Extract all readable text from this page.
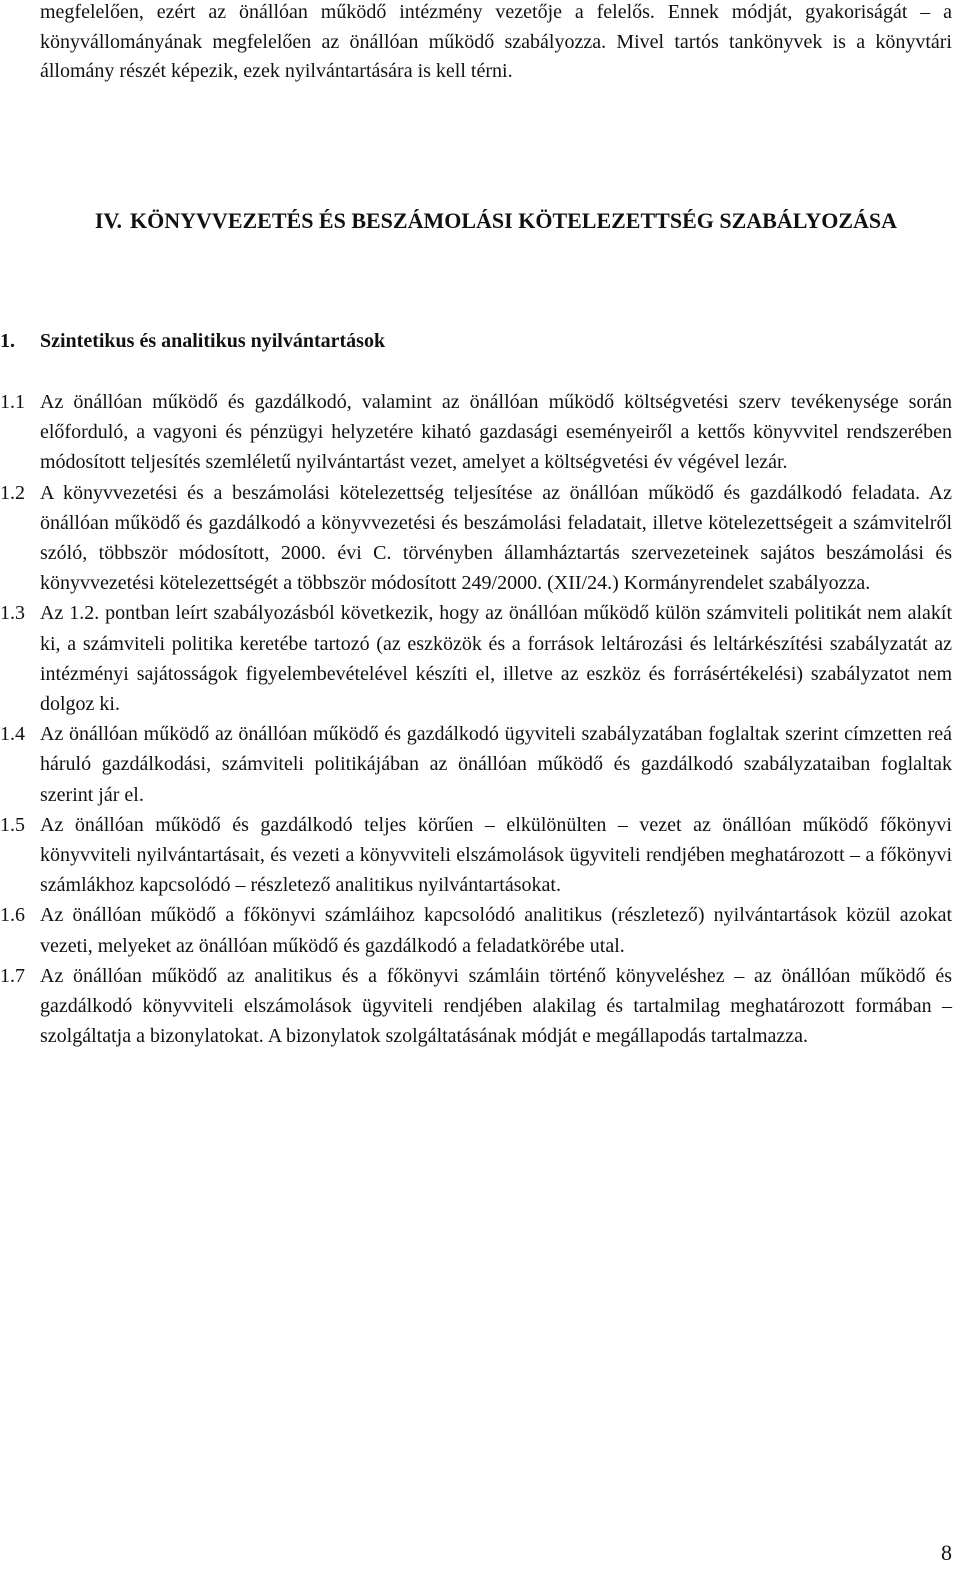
megfelelően, ezért az önállóan működő intézmény vezetője a felelős. Ennek módját, gyakoriságát – a könyvállományának megfelelően az önállóan működő szabályozza. Mivel tartós tankönyvek is a könyvtári állomány részét képezik, ezek nyilvántartására is kell térni.

IV. KÖNYVVEZETÉS ÉS BESZÁMOLÁSI KÖTELEZETTSÉG SZABÁLYOZÁSA
1. Szintetikus és analitikus nyilvántartások
1.1 Az önállóan működő és gazdálkodó, valamint az önállóan működő költségvetési szerv tevékenysége során előforduló, a vagyoni és pénzügyi helyzetére kiható gazdasági eseményeiről a kettős könyvvitel rendszerében módosított teljesítés szemléletű nyilvántartást vezet, amelyet a költségvetési év végével lezár.
1.2 A könyvvezetési és a beszámolási kötelezettség teljesítése az önállóan működő és gazdálkodó feladata. Az önállóan működő és gazdálkodó a könyvvezetési és beszámolási feladatait, illetve kötelezettségeit a számvitelről szóló, többször módosított, 2000. évi C. törvényben államháztartás szervezeteinek sajátos beszámolási és könyvvezetési kötelezettségét a többször módosított 249/2000. (XII/24.) Kormányrendelet szabályozza.
1.3 Az 1.2. pontban leírt szabályozásból következik, hogy az önállóan működő külön számviteli politikát nem alakít ki, a számviteli politika keretébe tartozó (az eszközök és a források leltározási és leltárkészítési szabályzatát az intézményi sajátosságok figyelembevételével készíti el, illetve az eszköz és forrásértékelési) szabályzatot nem dolgoz ki.
1.4 Az önállóan működő az önállóan működő és gazdálkodó ügyviteli szabályzatában foglaltak szerint címzetten reá háruló gazdálkodási, számviteli politikájában az önállóan működő és gazdálkodó szabályzataiban foglaltak szerint jár el.
1.5 Az önállóan működő és gazdálkodó teljes körűen – elkülönülten – vezet az önállóan működő főkönyvi könyvviteli nyilvántartásait, és vezeti a könyvviteli elszámolások ügyviteli rendjében meghatározott – a főkönyvi számlákhoz kapcsolódó – részletező analitikus nyilvántartásokat.
1.6 Az önállóan működő a főkönyvi számláihoz kapcsolódó analitikus (részletező) nyilvántartások közül azokat vezeti, melyeket az önállóan működő és gazdálkodó a feladatkörébe utal.
1.7 Az önállóan működő az analitikus és a főkönyvi számláin történő könyveléshez – az önállóan működő és gazdálkodó könyvviteli elszámolások ügyviteli rendjében alakilag és tartalmilag meghatározott formában – szolgáltatja a bizonylatokat. A bizonylatok szolgáltatásának módját e megállapodás tartalmazza.

8
